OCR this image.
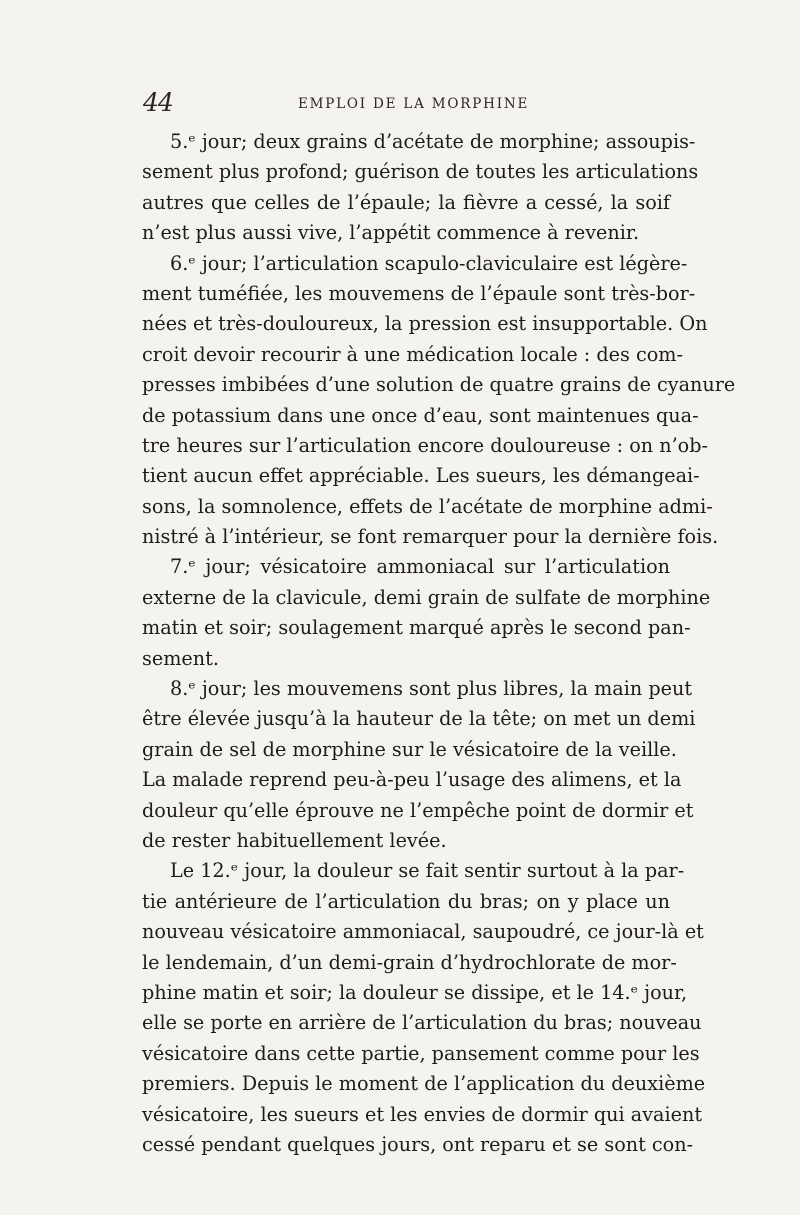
44	EMPLOI DE LA MORPHINE
5.ᵉ jour; deux grains d’acétate de morphine; assoupis-
sement plus profond; guérison de toutes les articulations
autres que celles de l’épaule; la fièvre a cessé, la soif
n’est plus aussi vive, l’appétit commence à revenir.
6.ᵉ jour; l’articulation scapulo-claviculaire est légère-
ment tuméfiée, les mouvemens de l’épaule sont très-bor-
nées et très-douloureux, la pression est insupportable. On
croit devoir recourir à une médication locale : des com-
presses imbibées d’une solution de quatre grains de cyanure
de potassium dans une once d’eau, sont maintenues qua-
tre heures sur l’articulation encore douloureuse : on n’ob-
tient aucun effet appréciable. Les sueurs, les démangeai-
sons, la somnolence, effets de l’acétate de morphine admi-
nistré à l’intérieur, se font remarquer pour la dernière fois.
7.ᵉ jour; vésicatoire ammoniacal sur l’articulation
externe de la clavicule, demi grain de sulfate de morphine
matin et soir; soulagement marqué après le second pan-
sement.
8.ᵉ jour; les mouvemens sont plus libres, la main peut
être élevée jusqu’à la hauteur de la tête; on met un demi
grain de sel de morphine sur le vésicatoire de la veille.
La malade reprend peu-à-peu l’usage des alimens, et la
douleur qu’elle éprouve ne l’empêche point de dormir et
de rester habituellement levée.
Le 12.ᵉ jour, la douleur se fait sentir surtout à la par-
tie antérieure de l’articulation du bras; on y place un
nouveau vésicatoire ammoniacal, saupoudré, ce jour-là et
le lendemain, d’un demi-grain d’hydrochlorate de mor-
phine matin et soir; la douleur se dissipe, et le 14.ᵉ jour,
elle se porte en arrière de l’articulation du bras; nouveau
vésicatoire dans cette partie, pansement comme pour les
premiers. Depuis le moment de l’application du deuxième
vésicatoire, les sueurs et les envies de dormir qui avaient
cessé pendant quelques jours, ont reparu et se sont con-
